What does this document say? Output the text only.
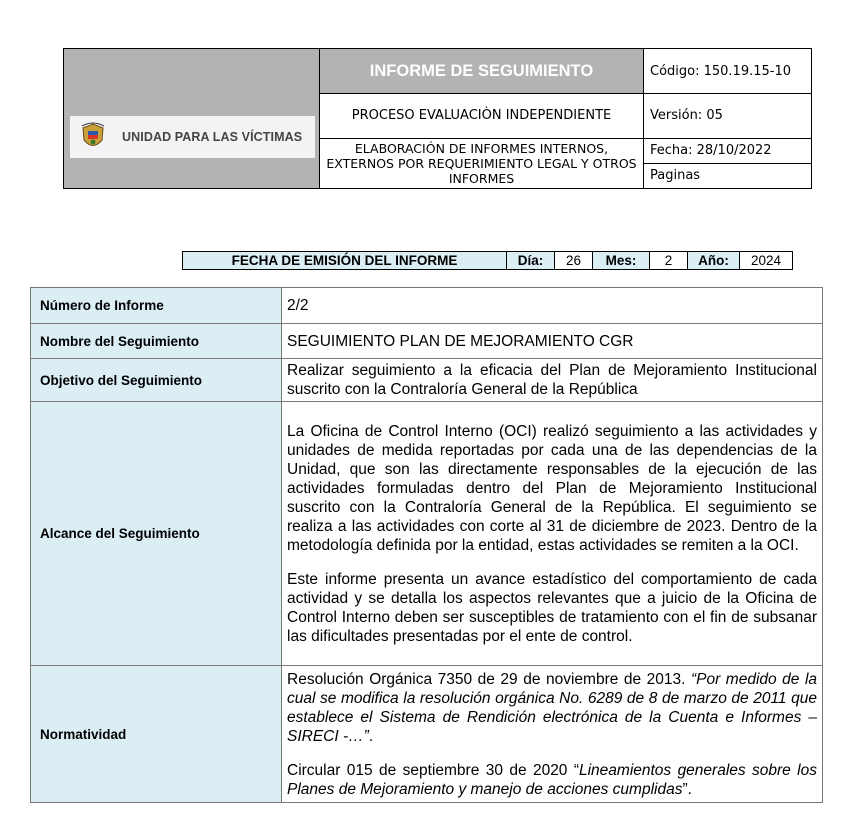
UNIDAD PARA LAS VÍCTIMAS	INFORME DE SEGUIMIENTO	Código: 150.19.15-10
	PROCESO EVALUACIÒN INDEPENDIENTE	Versión: 05
	ELABORACIÓN DE INFORMES INTERNOS, EXTERNOS POR REQUERIMIENTO LEGAL Y OTROS INFORMES	Fecha: 28/10/2022
		Paginas
FECHA DE EMISIÓN DEL INFORME	Día:	26	Mes:	2	Año:	2024
Número de Informe	2/2
Nombre del Seguimiento	SEGUIMIENTO PLAN DE MEJORAMIENTO CGR
Objetivo del Seguimiento	Realizar seguimiento a la eficacia del Plan de Mejoramiento Institucional suscrito con la Contraloría General de la República
Alcance del Seguimiento	La Oficina de Control Interno (OCI) realizó seguimiento a las actividades y unidades de medida reportadas por cada una de las dependencias de la Unidad, que son las directamente responsables de la ejecución de las actividades formuladas dentro del Plan de Mejoramiento Institucional suscrito con la Contraloría General de la República. El seguimiento se realiza a las actividades con corte al 31 de diciembre de 2023. Dentro de la metodología definida por la entidad, estas actividades se remiten a la OCI.

Este informe presenta un avance estadístico del comportamiento de cada actividad y se detalla los aspectos relevantes que a juicio de la Oficina de Control Interno deben ser susceptibles de tratamiento con el fin de subsanar las dificultades presentadas por el ente de control.

Normatividad	Resolución Orgánica 7350 de 29 de noviembre de 2013. “Por medido de la cual se modifica la resolución orgánica No. 6289 de 8 de marzo de 2011 que establece el Sistema de Rendición electrónica de la Cuenta e Informes – SIRECI -…”.

Circular 015 de septiembre 30 de 2020 “Lineamientos generales sobre los Planes de Mejoramiento y manejo de acciones cumplidas”.
